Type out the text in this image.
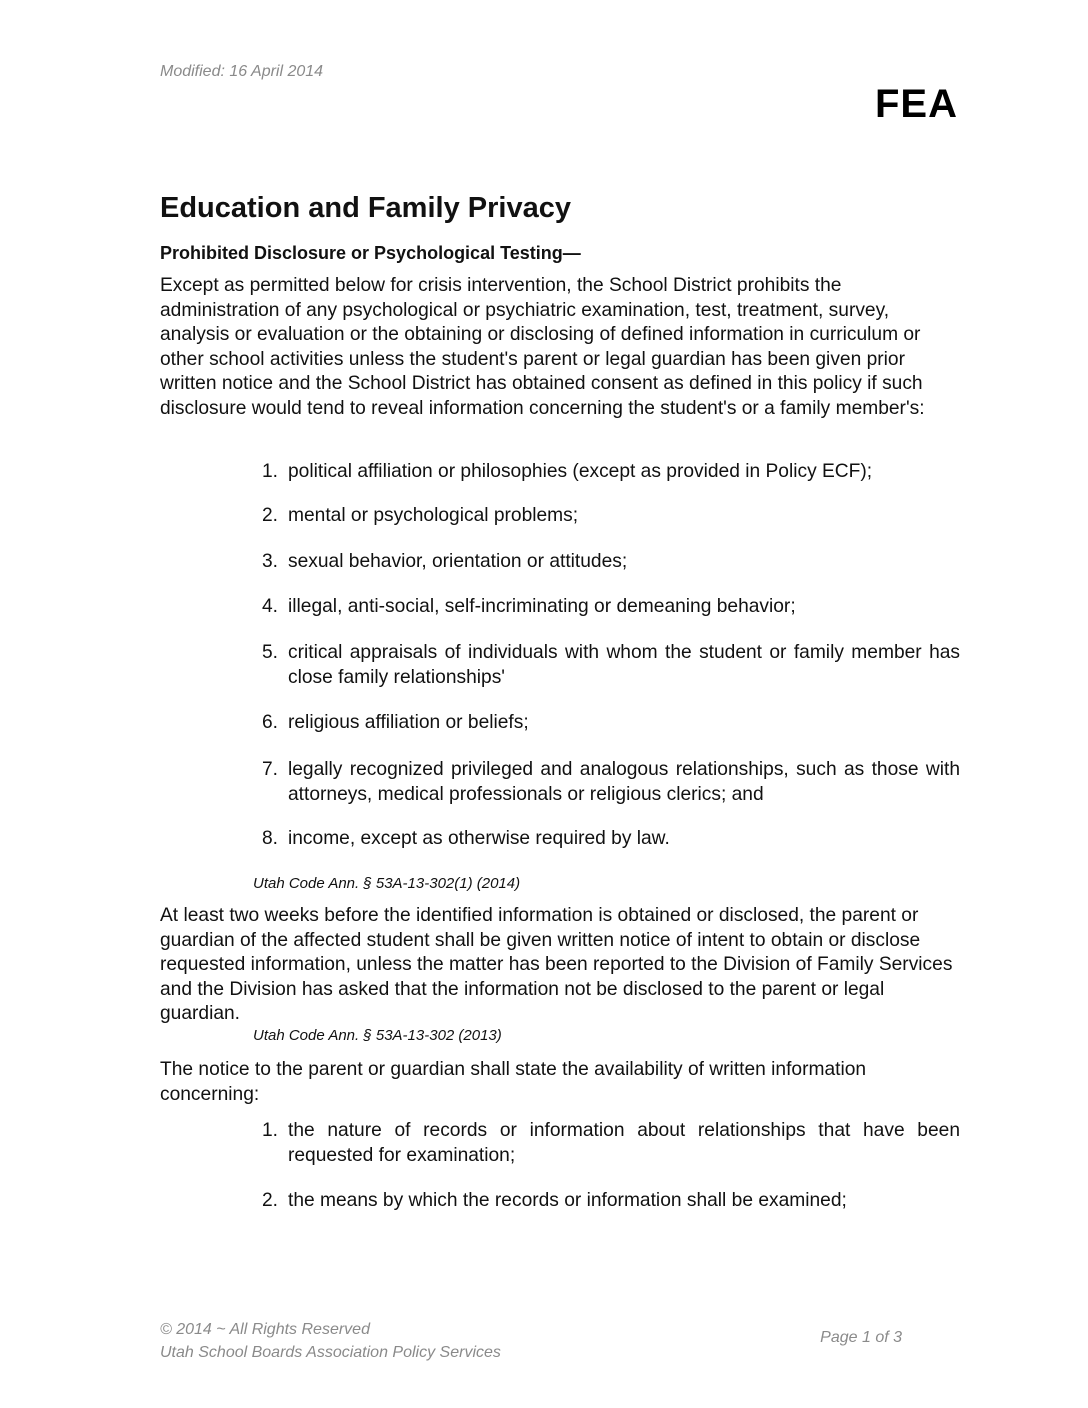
Modified: 16 April 2014
FEA
Education and Family Privacy
Prohibited Disclosure or Psychological Testing—

Except as permitted below for crisis intervention, the School District prohibits the administration of any psychological or psychiatric examination, test, treatment, survey, analysis or evaluation or the obtaining or disclosing of defined information in curriculum or other school activities unless the student's parent or legal guardian has been given prior written notice and the School District has obtained consent as defined in this policy if such disclosure would tend to reveal information concerning the student's or a family member's:

1. political affiliation or philosophies (except as provided in Policy ECF);
2. mental or psychological problems;
3. sexual behavior, orientation or attitudes;
4. illegal, anti-social, self-incriminating or demeaning behavior;
5. critical appraisals of individuals with whom the student or family member has close family relationships'
6. religious affiliation or beliefs;
7. legally recognized privileged and analogous relationships, such as those with attorneys, medical professionals or religious clerics; and
8. income, except as otherwise required by law.
Utah Code Ann. § 53A-13-302(1) (2014)

At least two weeks before the identified information is obtained or disclosed, the parent or guardian of the affected student shall be given written notice of intent to obtain or disclose requested information, unless the matter has been reported to the Division of Family Services and the Division has asked that the information not be disclosed to the parent or legal guardian.

Utah Code Ann. § 53A-13-302 (2013)

The notice to the parent or guardian shall state the availability of written information concerning:

1. the nature of records or information about relationships that have been requested for examination;
2. the means by which the records or information shall be examined;
© 2014 ~ All Rights Reserved
Utah School Boards Association Policy Services
Page 1 of 3
